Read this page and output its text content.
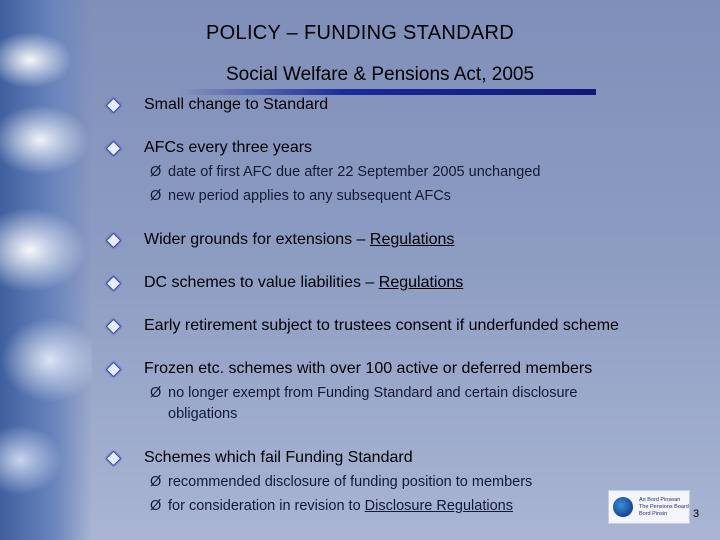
POLICY – FUNDING STANDARD
Social Welfare & Pensions Act, 2005
Small change to Standard
AFCs every three years
Ø date of first AFC due after 22 September 2005 unchanged
Ø new period applies to any subsequent AFCs
Wider grounds for extensions – Regulations
DC schemes to value liabilities – Regulations
Early retirement subject to trustees consent if underfunded scheme
Frozen etc. schemes with over 100 active or deferred members
Ø no longer exempt from Funding Standard and certain disclosure
obligations
Schemes which fail Funding Standard
Ø recommended disclosure of funding position to members
Ø for consideration in revision to Disclosure Regulations	An Bord Pinsean
The Pensions Board
Bord Pinsin	3
